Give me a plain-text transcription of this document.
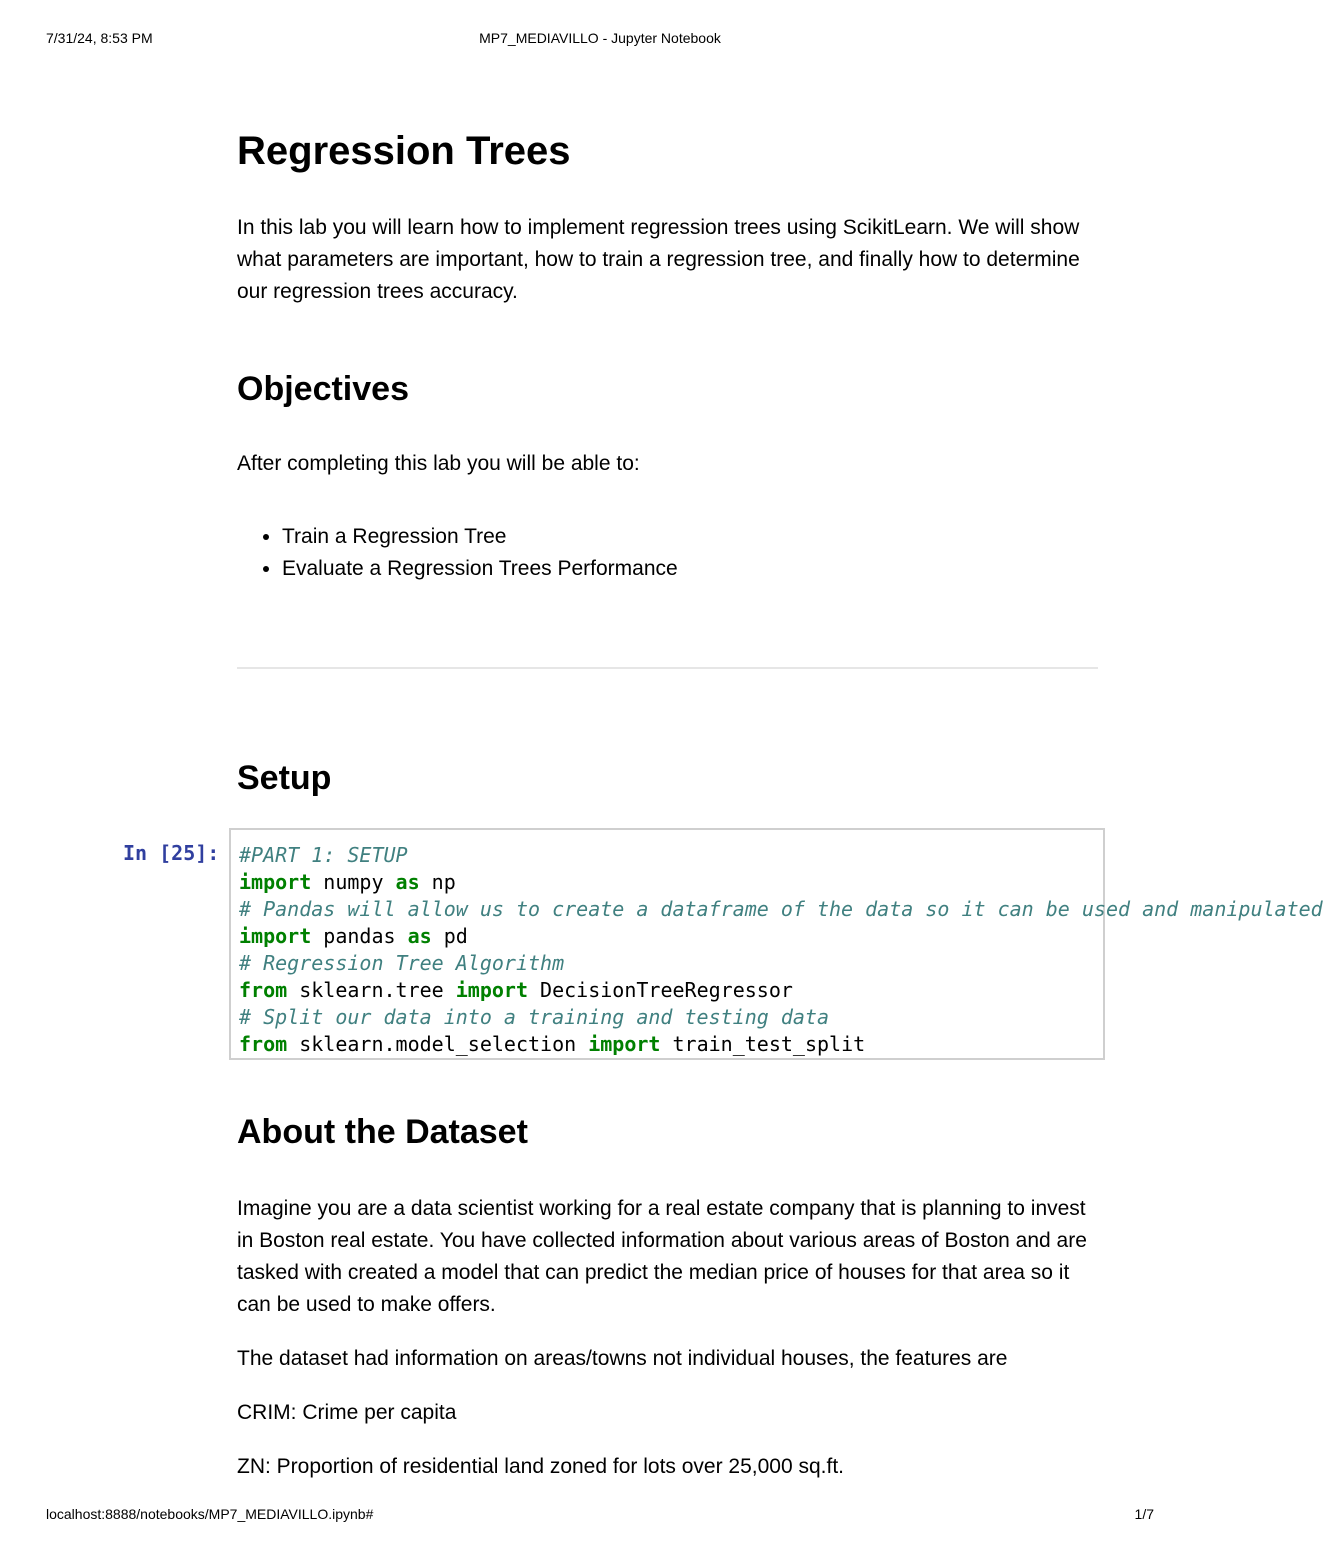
7/31/24, 8:53 PM	MP7_MEDIAVILLO - Jupyter Notebook
Regression Trees

In this lab you will learn how to implement regression trees using ScikitLearn. We will show what parameters are important, how to train a regression tree, and finally how to determine our regression trees accuracy.

Objectives

After completing this lab you will be able to:

• Train a Regression Tree
• Evaluate a Regression Trees Performance
Setup
About the Dataset

Imagine you are a data scientist working for a real estate company that is planning to invest in Boston real estate. You have collected information about various areas of Boston and are tasked with created a model that can predict the median price of houses for that area so it can be used to make offers.

The dataset had information on areas/towns not individual houses, the features are

CRIM: Crime per capita

ZN: Proportion of residential land zoned for lots over 25,000 sq.ft.

In [25]: #PART 1: SETUP
import numpy as np
# Pandas will allow us to create a dataframe of the data so it can be used and manipulated
import pandas as pd
# Regression Tree Algorithm
from sklearn.tree import DecisionTreeRegressor
# Split our data into a training and testing data
from sklearn.model_selection import train_test_split
localhost:8888/notebooks/MP7_MEDIAVILLO.ipynb#	1/7
